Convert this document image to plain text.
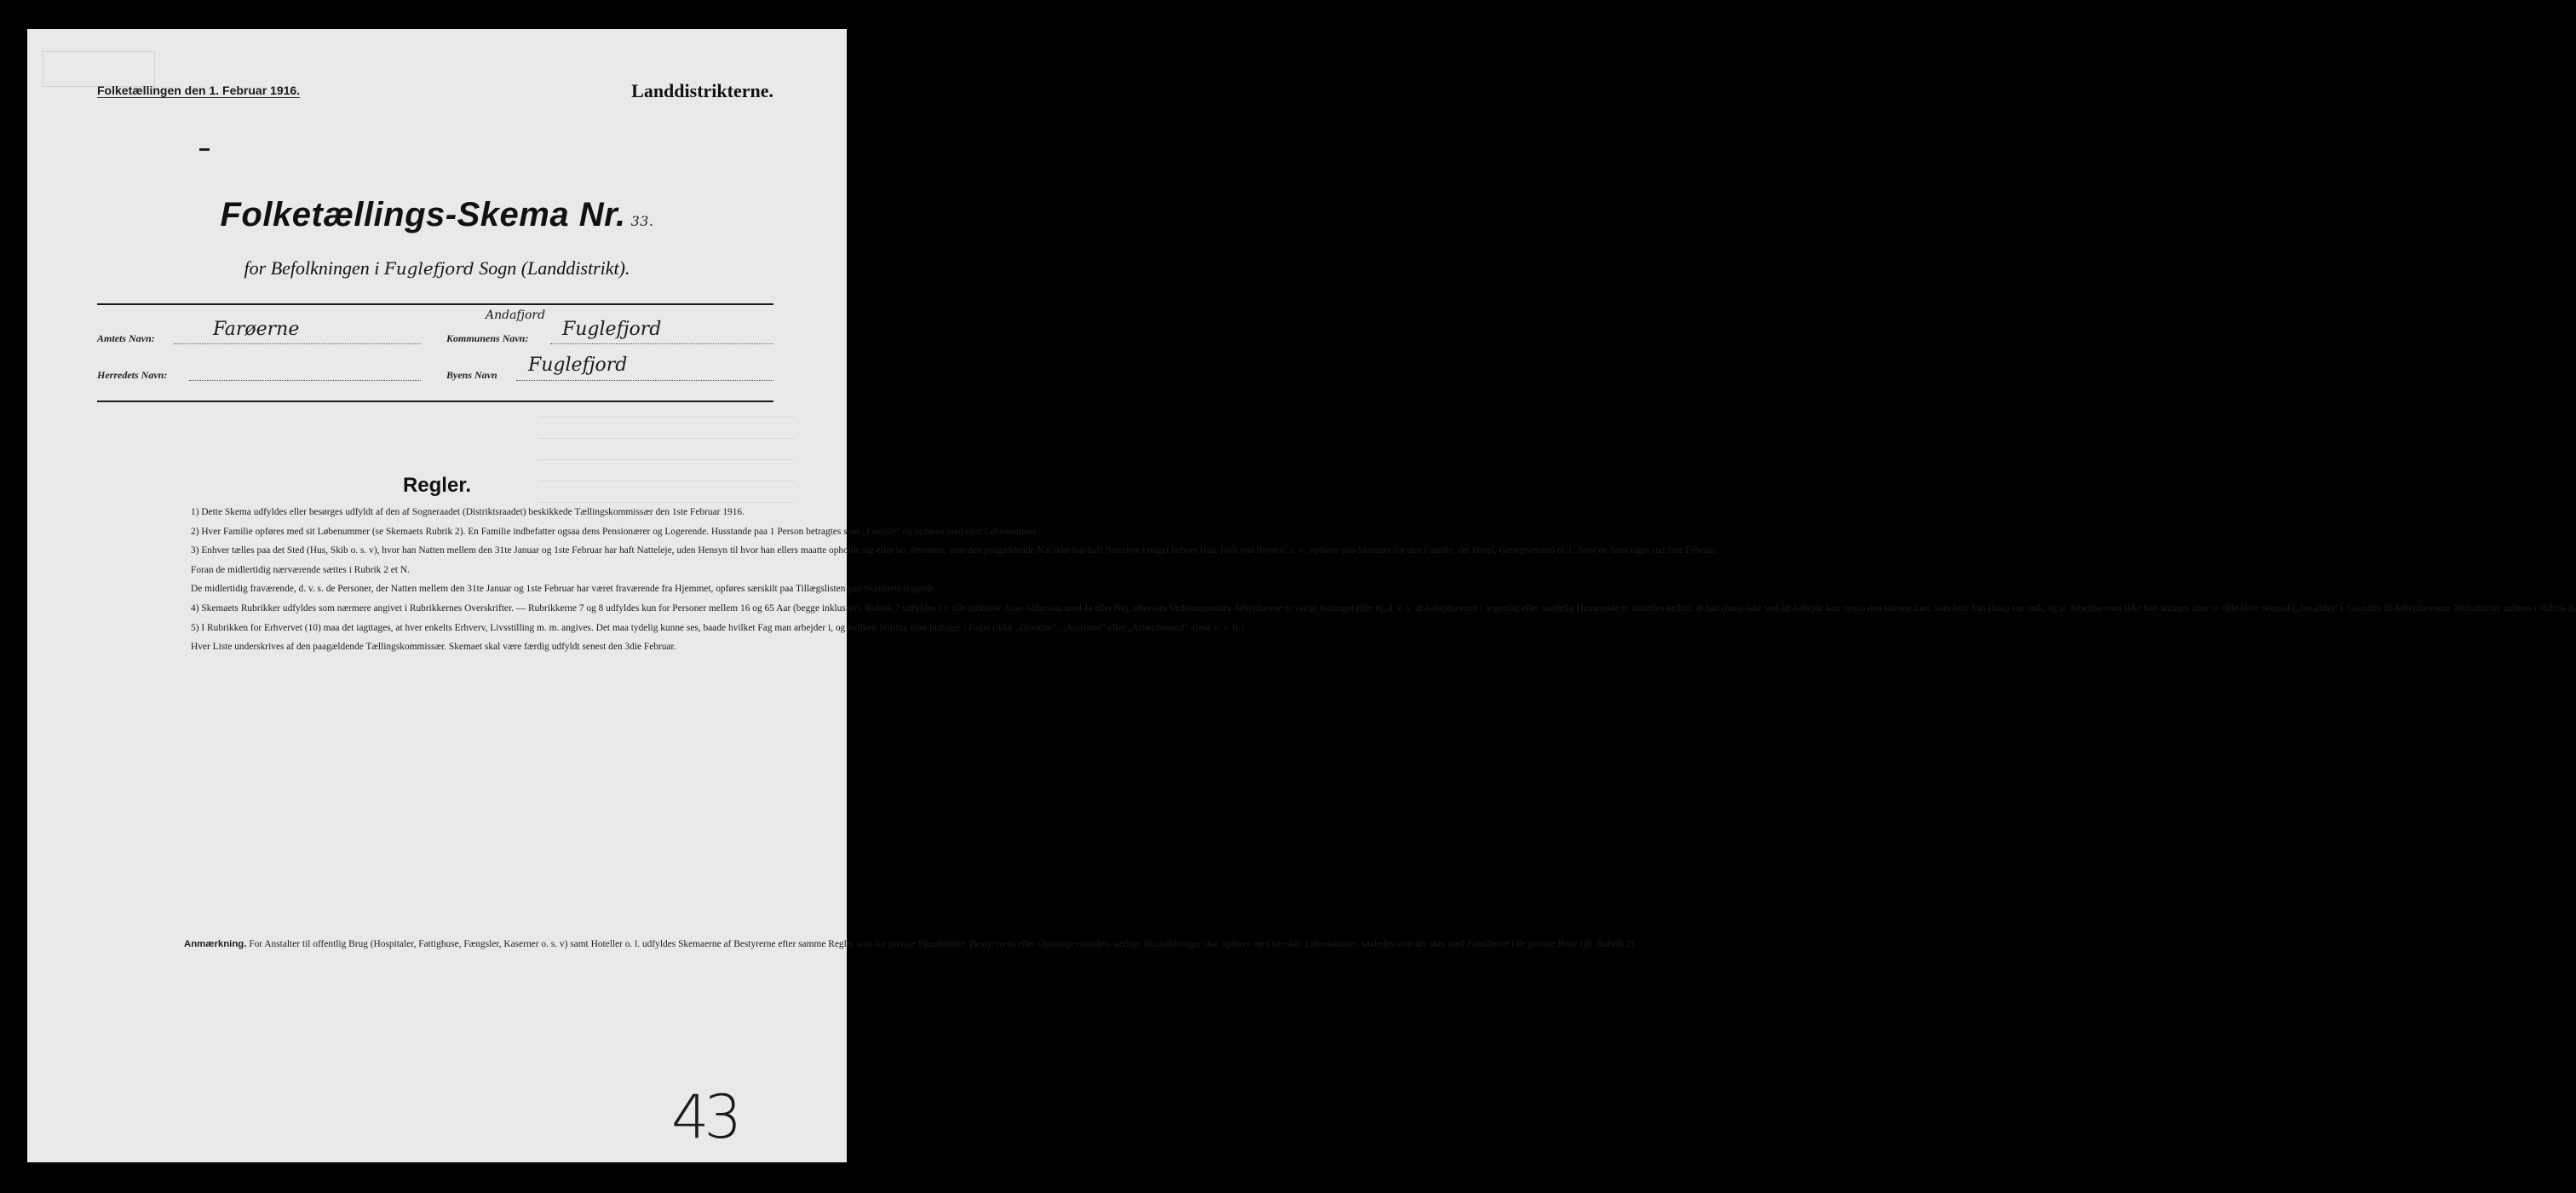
Folketællingen den 1. Februar 1916.	Landdistrikterne.
Folketællings-Skema Nr. 33.
for Befolkningen i Fuglefjord Sogn (Landdistrikt).
Amtets Navn:	Farøerne
Andafjord
Kommunens Navn: Fuglefjord
Herredets Navn:	Byens Navn Fuglefjord
Regler.

1) Dette Skema udfyldes eller besørges udfyldt af den af Sogneraadet (Distriktsraadet) beskikkede Tællingskommissær den 1ste Februar 1916.

2) Hver Familie opføres med sit Løbenummer (se Skemaets Rubrik 2). En Familie indbefatter ogsaa dens Pensionærer og Logerende. Husstande paa 1 Person betragtes som „Familie“ og opføres med eget Løbenummer.

3) Enhver tælles paa det Sted (Hus, Skib o. s. v), hvor han Natten mellem den 31te Januar og 1ste Februar har haft Natteleje, uden Hensyn til hvor han ellers maatte opholde sig eller bo. Personer, som den paagældende Nat ikke har haft Natteleje i noget beboet Hus, Folk paa Rejse o. s. v., opføres paa Skemaet for den Familie, det Hotel, Gæstgiversted el. l., hvor de først tager ind 1ste Februar.

Foran de midlertidig nærværende sættes i Rubrik 2 et N.

De midlertidig fraværende, d. v. s. de Personer, der Natten mellem den 31te Januar og 1ste Februar har været fraværende fra Hjemmet, opføres særskilt paa Tillægslisten paa Skemaets Bagside.

4) Skemaets Rubrikker udfyldes som nærmere angivet i Rubrikkernes Overskrifter. — Rubrikkerne 7 og 8 udfyldes kun for Personer mellem 16 og 65 Aar (begge inklusive). Rubrik 7 udfyldes for alle indenfor disse Aldersaar med Ja eller Nej, eftersom Vedkommendes Arbejdsevne er varigt forringet eller ej, d. v. s. at Arbejdsevnen i legemlig eller aandelig Henseende er saaledes nedsat, at han (hun) ikke ved sit Arbejde kan opnaa den samme Løn, som hvis han (hun) var rask, og at Arbejdsevnen ikke kan antages atter at ville blive normal („Invalider“). Grunden til Arbejdsevnens Nedsættelse anføres i Rubrik 8.

5) I Rubrikken for Erhvervet (10) maa det iagttages, at hver enkelts Erhverv, Livsstilling m. m. angives. Det maa tydelig kunne ses, baade hvilket Fag man arbejder i, og hvilken Stilling man indtager i Faget (ikke „Direktør“, „Assistent“ eller „Arbejdsmand“ alene o. s. fr.).

Hver Liste underskrives af den paagældende Tællingskommissær. Skemaet skal være færdig udfyldt senest den 3die Februar.

Anmærkning. For Anstalter til offentlig Brug (Hospitaler, Fattighuse, Fængsler, Kaserner o. s. v) samt Hoteller o. l. udfyldes Skemaerne af Bestyrerne efter samme Regler som for private Ejendomme. Bestyrerens eller Opsynspersonalets særlige Husholdninger skal opføres med særskilt Løbenummer, saaledes som det sker med Familierne i de private Huse (jfr. Rubrik 2).

43
